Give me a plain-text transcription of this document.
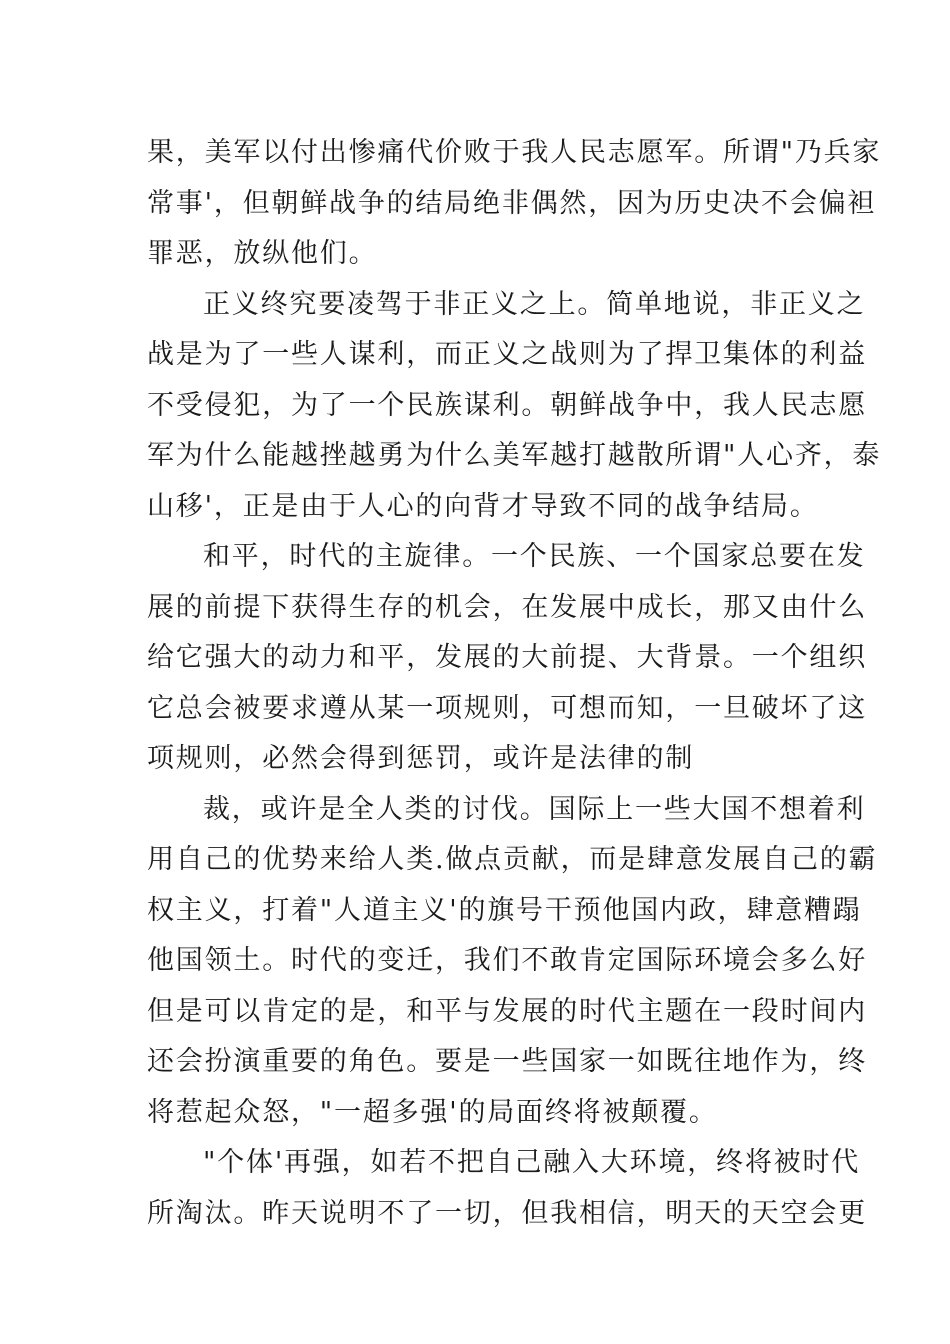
果，美军以付出惨痛代价败于我人民志愿军。所谓"乃兵家
常事'，但朝鲜战争的结局绝非偶然，因为历史决不会偏袒
罪恶，放纵他们。
正义终究要凌驾于非正义之上。简单地说，非正义之
战是为了一些人谋利，而正义之战则为了捍卫集体的利益
不受侵犯，为了一个民族谋利。朝鲜战争中，我人民志愿
军为什么能越挫越勇为什么美军越打越散所谓"人心齐，泰
山移'，正是由于人心的向背才导致不同的战争结局。
和平，时代的主旋律。一个民族、一个国家总要在发
展的前提下获得生存的机会，在发展中成长，那又由什么
给它强大的动力和平，发展的大前提、大背景。一个组织
它总会被要求遵从某一项规则，可想而知，一旦破坏了这
项规则，必然会得到惩罚，或许是法律的制
裁，或许是全人类的讨伐。国际上一些大国不想着利
用自己的优势来给人类.做点贡献，而是肆意发展自己的霸
权主义，打着"人道主义'的旗号干预他国内政，肆意糟蹋
他国领土。时代的变迁，我们不敢肯定国际环境会多么好
但是可以肯定的是，和平与发展的时代主题在一段时间内
还会扮演重要的角色。要是一些国家一如既往地作为，终
将惹起众怒，"一超多强'的局面终将被颠覆。
"个体'再强，如若不把自己融入大环境，终将被时代
所淘汰。昨天说明不了一切，但我相信，明天的天空会更
